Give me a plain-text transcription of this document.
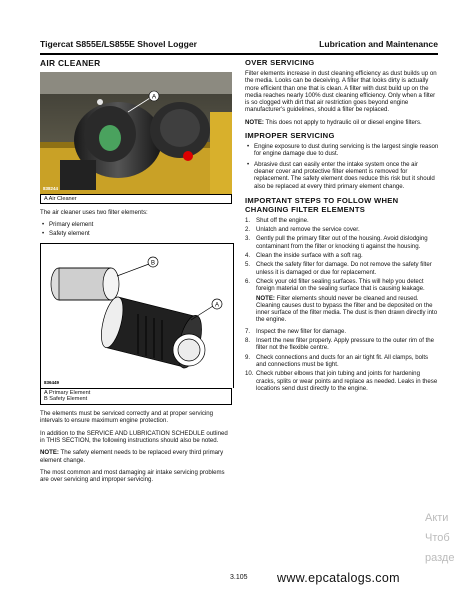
Tigercat S855E/LS855E Shovel Logger	Lubrication and Maintenance
AIR CLEANER
A
838244
A Air Cleaner
The air cleaner uses two filter elements:
• Primary element
• Safety element
B
A
836449
A Primary Element
B Safety Element
The elements must be serviced correctly and at proper servicing intervals to ensure maximum engine protection.
In addition to the SERVICE AND LUBRICATION SCHEDULE outlined in THIS SECTION, the following instructions should also be noted.
NOTE: The safety element needs to be replaced every third primary element change.
The most common and most damaging air intake servicing problems are over servicing and improper servicing.
OVER SERVICING
Filter elements increase in dust cleaning efficiency as dust builds up on the media. Looks can be deceiving. A filter that looks dirty is actually more efficient than one that is clean. A filter with dust build up on the media reaches nearly 100% dust cleaning efficiency. Only when a filter is so clogged with dirt that air restriction goes beyond engine manufacturer's guidelines, should a filter be replaced.
NOTE: This does not apply to hydraulic oil or diesel engine filters.
IMPROPER SERVICING
• Engine exposure to dust during servicing is the largest single reason for engine damage due to dust.
• Abrasive dust can easily enter the intake system once the air cleaner cover and protective filter element is removed for replacement. The safety element does reduce this risk but it should also be replaced at every third primary element change.
IMPORTANT STEPS TO FOLLOW WHEN CHANGING FILTER ELEMENTS
1. Shut off the engine.
2. Unlatch and remove the service cover.
3. Gently pull the primary filter out of the housing. Avoid dislodging contaminant from the filter or knocking ti against the housing.
4. Clean the inside surface with a soft rag.
5. Check the safety filter for damage. Do not remove the safety filter unless it is damaged or due for replacement.
6. Check your old filter sealing surfaces. This will help you detect foreign material on the sealing surface that is causing leakage.
NOTE: Filter elements should never be cleaned and reused. Cleaning causes dust to bypass the filter and be deposited on the inner surface of the filter media. The dust is then drawn directly into the engine.
7. Inspect the new filter for damage.
8. Insert the new filter properly. Apply pressure to the outer rim of the filter not the flexible centre.
9. Check connections and ducts for an air tight fit. All clamps, bolts and connections must be tight.
10. Check rubber elbows that join tubing and joints for hardening cracks, splits or wear points and replace as needed. Leaks in these locations send dust directly to the engine.
Акти
Чтоб
разде
3.105 www.epcatalogs.com
